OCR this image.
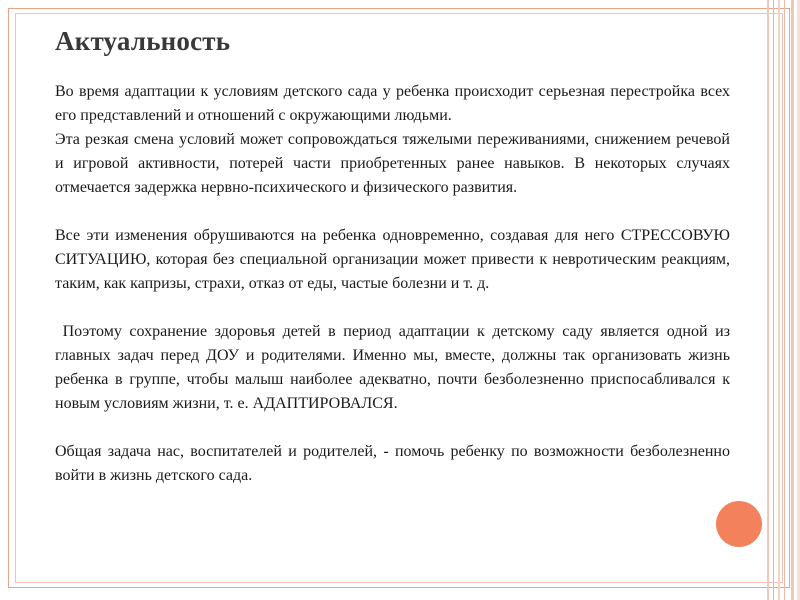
Актуальность

Во время адаптации к условиям детского сада у ребенка происходит серьезная перестройка всех его представлений и отношений с окружающими людьми.

Эта резкая смена условий может сопровождаться тяжелыми переживаниями, снижением речевой и игровой активности, потерей части приобретенных ранее навыков. В некоторых случаях отмечается задержка нервно-психического и физического развития.

Все эти изменения обрушиваются на ребенка одновременно, создавая для него СТРЕССОВУЮ СИТУАЦИЮ, которая без специальной организации может привести к невротическим реакциям, таким, как капризы, страхи, отказ от еды, частые болезни и т. д.

Поэтому сохранение здоровья детей в период адаптации к детскому саду является одной из главных задач перед ДОУ и родителями. Именно мы, вместе, должны так организовать жизнь ребенка в группе, чтобы малыш наиболее адекватно, почти безболезненно приспосабливался к новым условиям жизни, т. е. АДАПТИРОВАЛСЯ.

Общая задача нас, воспитателей и родителей, - помочь ребенку по возможности безболезненно войти в жизнь детского сада.
